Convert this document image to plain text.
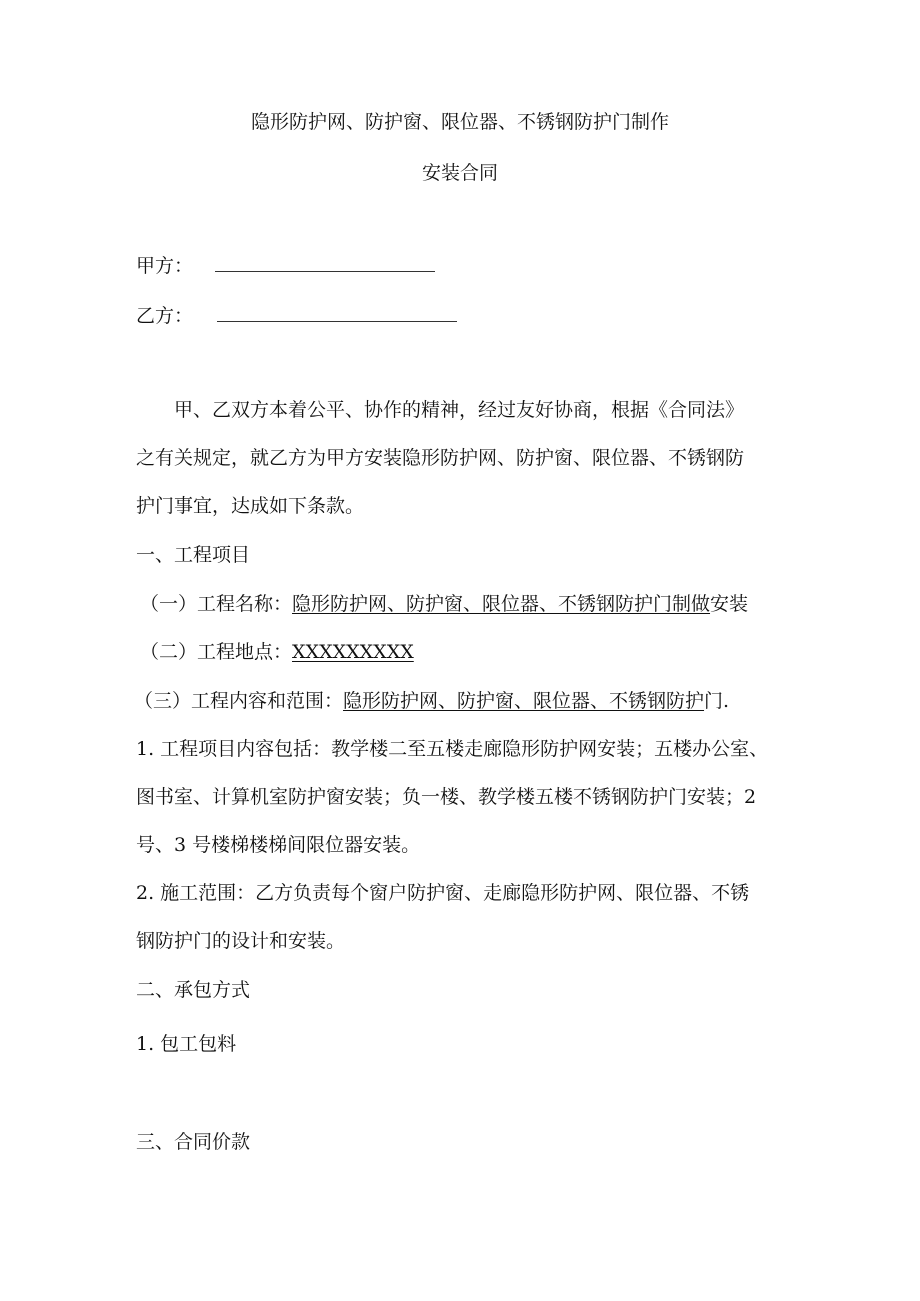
隐形防护网、防护窗、限位器、不锈钢防护门制作
安装合同
甲方：
乙方：
甲、乙双方本着公平、协作的精神，经过友好协商，根据《合同法》
之有关规定，就乙方为甲方安装隐形防护网、防护窗、限位器、不锈钢防
护门事宜，达成如下条款。
一、工程项目
（一）工程名称：隐形防护网、防护窗、限位器、不锈钢防护门制做安装
（二）工程地点：XXXXXXXXX
（三）工程内容和范围：隐形防护网、防护窗、限位器、不锈钢防护门.
1. 工程项目内容包括：教学楼二至五楼走廊隐形防护网安装；五楼办公室、
图书室、计算机室防护窗安装；负一楼、教学楼五楼不锈钢防护门安装；2
号、3 号楼梯楼梯间限位器安装。
2. 施工范围：乙方负责每个窗户防护窗、走廊隐形防护网、限位器、不锈
钢防护门的设计和安装。
二、承包方式
1. 包工包料
三、合同价款
